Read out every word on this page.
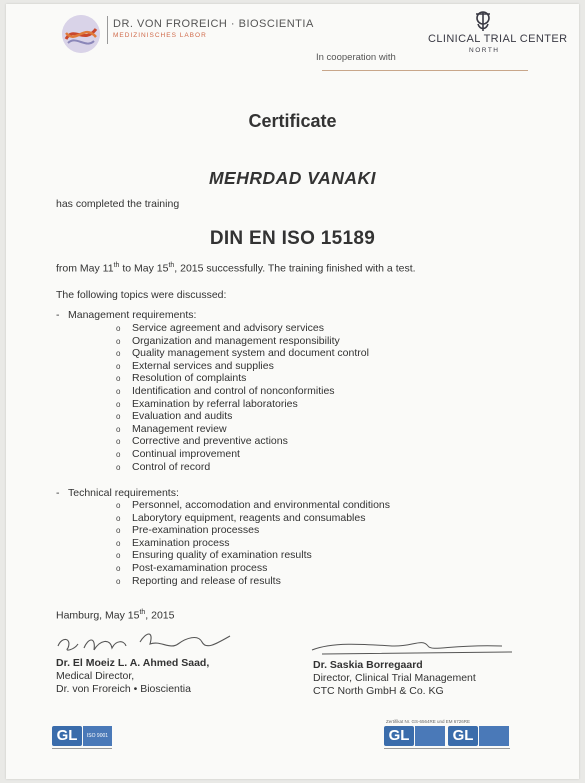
DR. VON FROREICH · BIOSCIENTIA
MEDIZINISCHES LABOR	CLINICAL TRIAL CENTER
NORTH
In cooperation with
Certificate
MEHRDAD VANAKI
has completed the training
DIN EN ISO 15189
from May 11th to May 15th, 2015 successfully. The training finished with a test.
The following topics were discussed:
- Management requirements:
o Service agreement and advisory services
o Organization and management responsibility
o Quality management system and document control
o External services and supplies
o Resolution of complaints
o Identification and control of nonconformities
o Examination by referral laboratories
o Evaluation and audits
o Management review
o Corrective and preventive actions
o Continual improvement
o Control of record
- Technical requirements:
o Personnel, accomodation and environmental conditions
o Laborytory equipment, reagents and consumables
o Pre-examination processes
o Examination process
o Ensuring quality of examination results
o Post-examamination process
o Reporting and release of results
Hamburg, May 15th, 2015
Dr. El Moeiz L. A. Ahmed Saad,
Medical Director,
Dr. von Froreich • Bioscientia
Dr. Saskia Borregaard
Director, Clinical Trial Management
CTC North GmbH & Co. KG
GL	ISO 9001
Zertifikat Nr. GS-6564RE und EM 6726RE
GL	GL
